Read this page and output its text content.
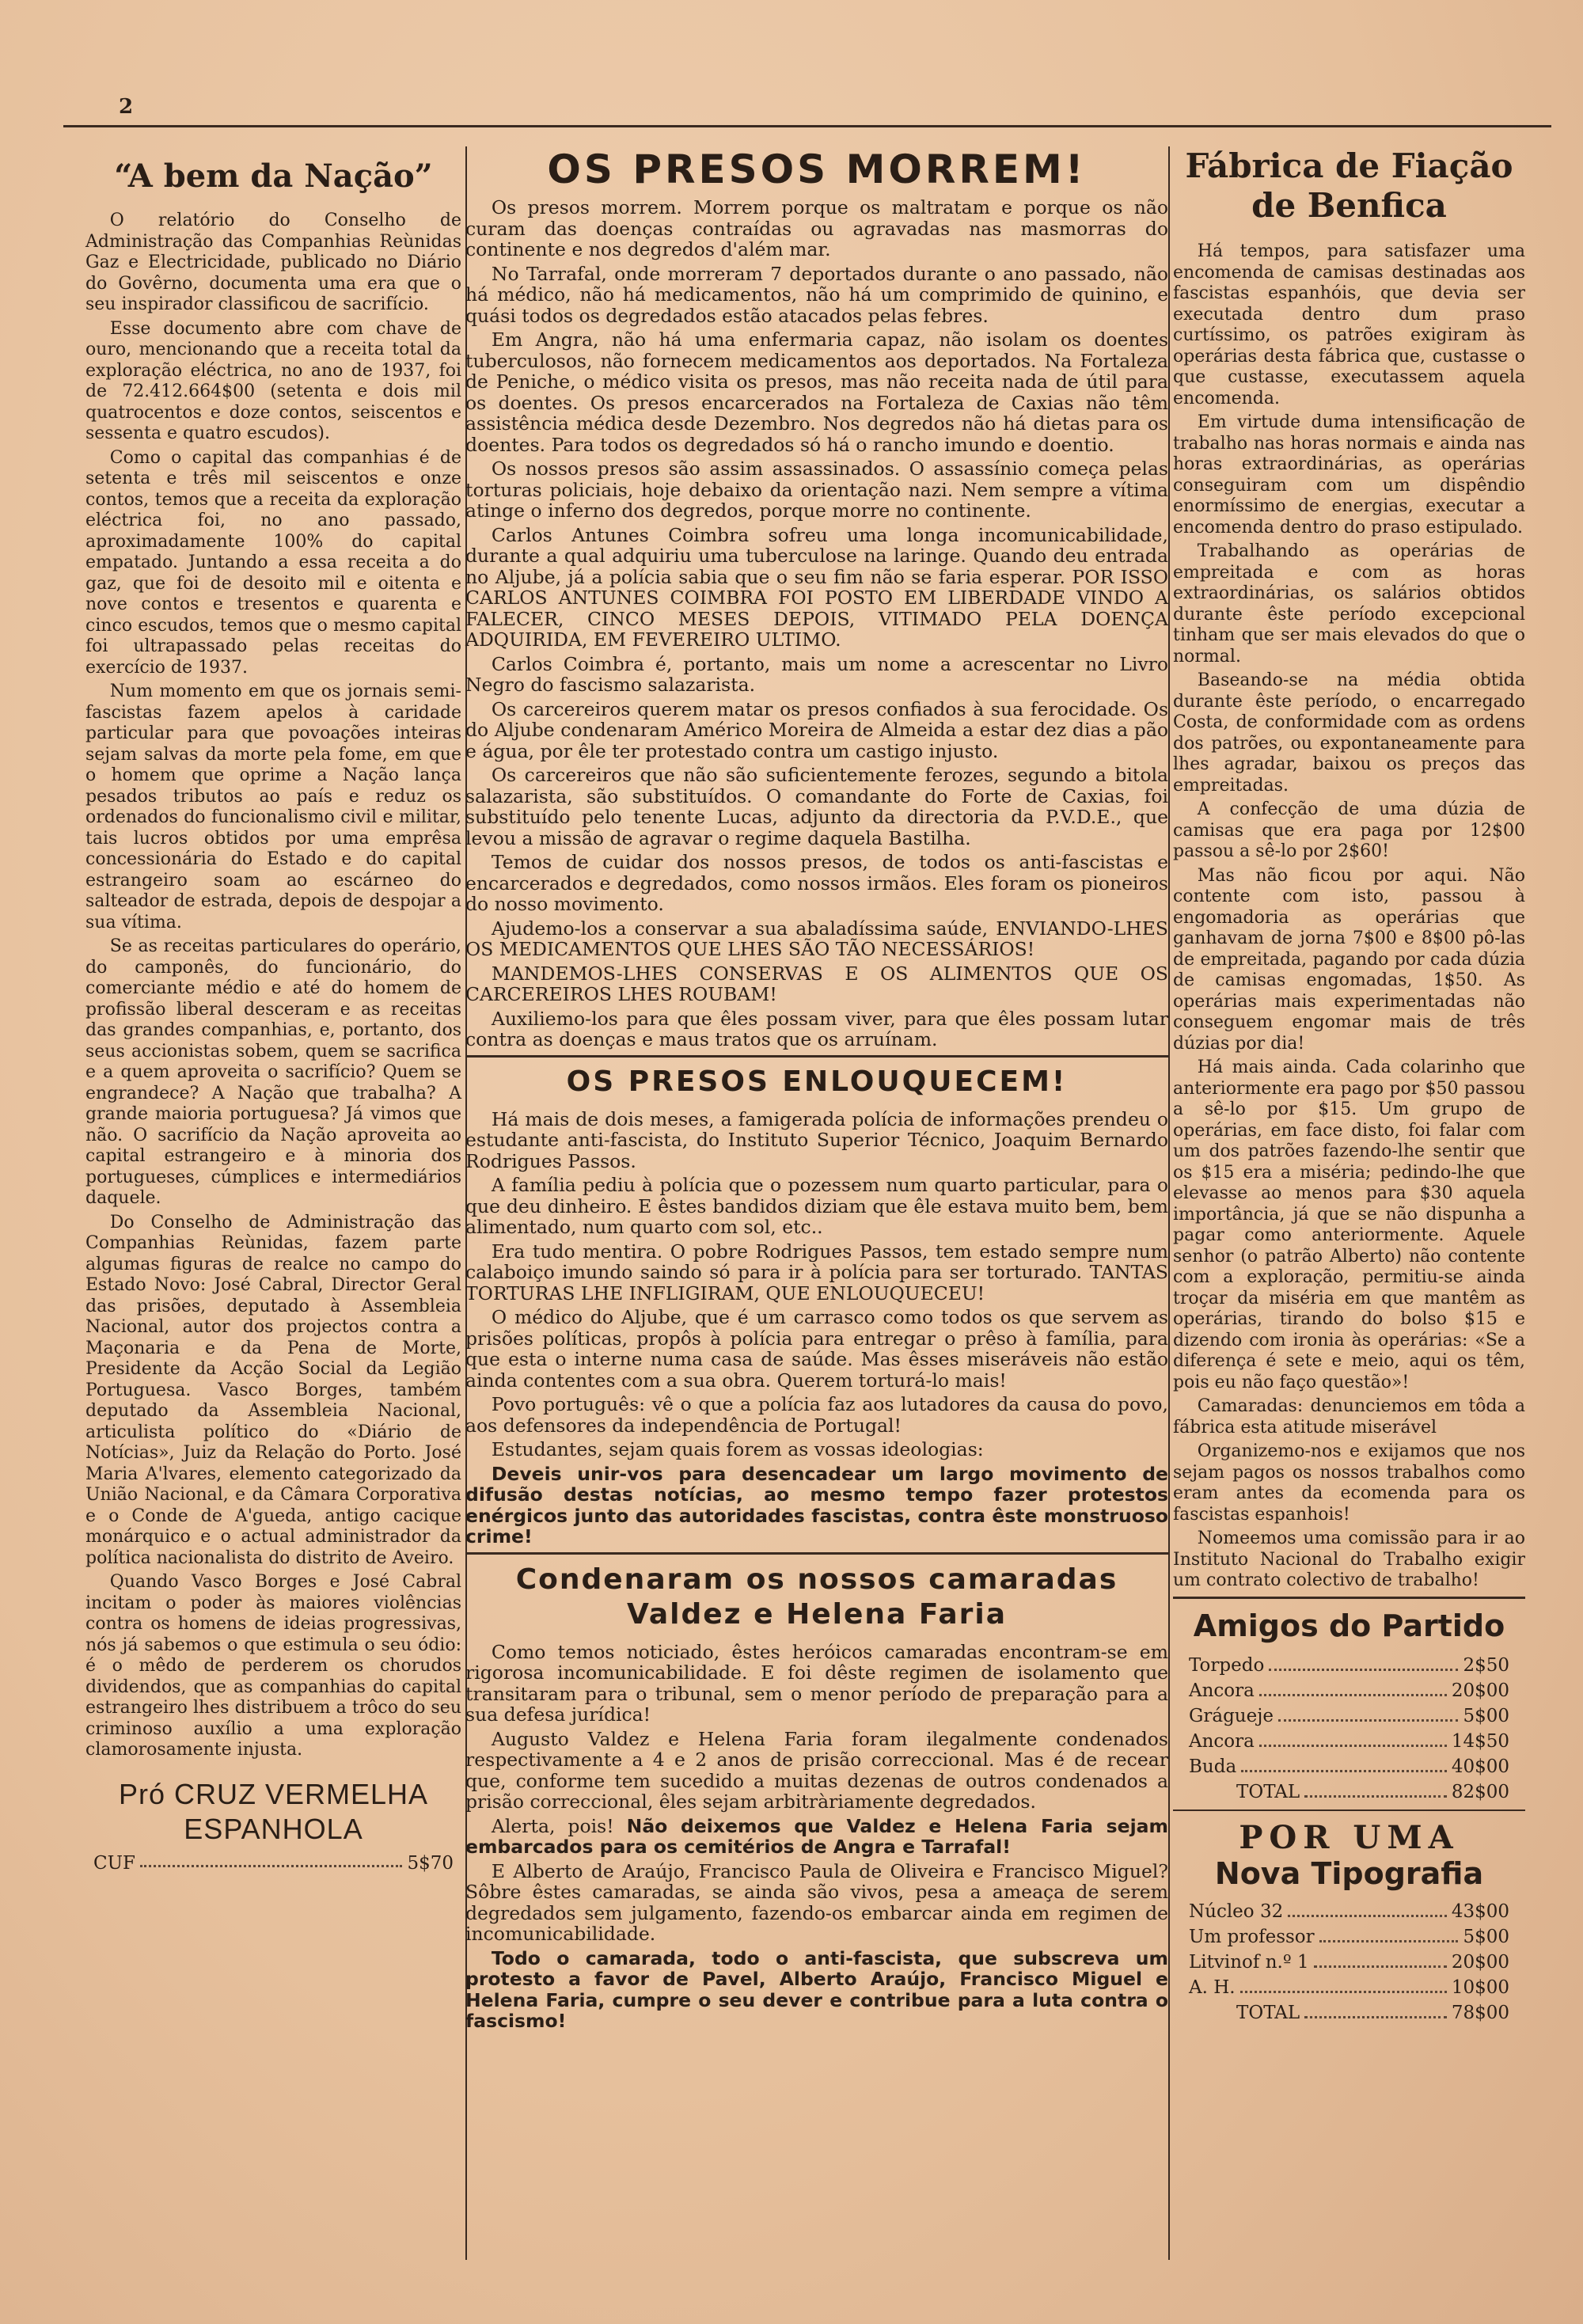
2
“A bem da Nação”

O relatório do Conselho de Administração das Companhias Reùnidas Gaz e Electricidade, publicado no Diário do Govêrno, documenta uma era que o seu inspirador classificou de sacrifício.

Esse documento abre com chave de ouro, mencionando que a receita total da exploração eléctrica, no ano de 1937, foi de 72.412.664$00 (setenta e dois mil quatrocentos e doze contos, seiscentos e sessenta e quatro escudos).

Como o capital das companhias é de setenta e três mil seiscentos e onze contos, temos que a receita da exploração eléctrica foi, no ano passado, aproximadamente 100% do capital empatado. Juntando a essa receita a do gaz, que foi de desoito mil e oitenta e nove contos e tresentos e quarenta e cinco escudos, temos que o mesmo capital foi ultrapassado pelas receitas do exercício de 1937.

Num momento em que os jornais semi-fascistas fazem apelos à caridade particular para que povoações inteiras sejam salvas da morte pela fome, em que o homem que oprime a Nação lança pesados tributos ao país e reduz os ordenados do funcionalismo civil e militar, tais lucros obtidos por uma emprêsa concessionária do Estado e do capital estrangeiro soam ao escárneo do salteador de estrada, depois de despojar a sua vítima.

Se as receitas particulares do operário, do camponês, do funcionário, do comerciante médio e até do homem de profissão liberal desceram e as receitas das grandes companhias, e, portanto, dos seus accionistas sobem, quem se sacrifica e a quem aproveita o sacrifício? Quem se engrandece? A Nação que trabalha? A grande maioria portuguesa? Já vimos que não. O sacrifício da Nação aproveita ao capital estrangeiro e à minoria dos portugueses, cúmplices e intermediários daquele.

Do Conselho de Administração das Companhias Reùnidas, fazem parte algumas figuras de realce no campo do Estado Novo: José Cabral, Director Geral das prisões, deputado à Assembleia Nacional, autor dos projectos contra a Maçonaria e da Pena de Morte, Presidente da Acção Social da Legião Portuguesa. Vasco Borges, também deputado da Assembleia Nacional, articulista político do «Diário de Notícias», Juiz da Relação do Porto. José Maria A'lvares, elemento categorizado da União Nacional, e da Câmara Corporativa e o Conde de A'gueda, antigo cacique monárquico e o actual administrador da política nacionalista do distrito de Aveiro.

Quando Vasco Borges e José Cabral incitam o poder às maiores violências contra os homens de ideias progressivas, nós já sabemos o que estimula o seu ódio: é o mêdo de perderem os chorudos dividendos, que as companhias do capital estrangeiro lhes distribuem a trôco do seu criminoso auxílio a uma exploração clamorosamente injusta.

Pró CRUZ VERMELHA
ESPANHOLA
CUF	5$70
OS PRESOS MORREM!

Os presos morrem. Morrem porque os maltratam e porque os não curam das doenças contraídas ou agravadas nas masmorras do continente e nos degredos d'além mar.

No Tarrafal, onde morreram 7 deportados durante o ano passado, não há médico, não há medicamentos, não há um comprimido de quinino, e quási todos os degredados estão atacados pelas febres.

Em Angra, não há uma enfermaria capaz, não isolam os doentes tuberculosos, não fornecem medicamentos aos deportados. Na Fortaleza de Peniche, o médico visita os presos, mas não receita nada de útil para os doentes. Os presos encarcerados na Fortaleza de Caxias não têm assistência médica desde Dezembro. Nos degredos não há dietas para os doentes. Para todos os degredados só há o rancho imundo e doentio.

Os nossos presos são assim assassinados. O assassínio começa pelas torturas policiais, hoje debaixo da orientação nazi. Nem sempre a vítima atinge o inferno dos degredos, porque morre no continente.

Carlos Antunes Coimbra sofreu uma longa incomunicabilidade, durante a qual adquiriu uma tuberculose na laringe. Quando deu entrada no Aljube, já a polícia sabia que o seu fim não se faria esperar. POR ISSO CARLOS ANTUNES COIMBRA FOI POSTO EM LIBERDADE VINDO A FALECER, CINCO MESES DEPOIS, VITIMADO PELA DOENÇA ADQUIRIDA, EM FEVEREIRO ULTIMO.

Carlos Coimbra é, portanto, mais um nome a acrescentar no Livro Negro do fascismo salazarista.

Os carcereiros querem matar os presos confiados à sua ferocidade. Os do Aljube condenaram Américo Moreira de Almeida a estar dez dias a pão e água, por êle ter protestado contra um castigo injusto.

Os carcereiros que não são suficientemente ferozes, segundo a bitola salazarista, são substituídos. O comandante do Forte de Caxias, foi substituído pelo tenente Lucas, adjunto da directoria da P.V.D.E., que levou a missão de agravar o regime daquela Bastilha.

Temos de cuidar dos nossos presos, de todos os anti-fascistas e encarcerados e degredados, como nossos irmãos. Eles foram os pioneiros do nosso movimento.

Ajudemo-los a conservar a sua abaladíssima saúde, ENVIANDO-LHES OS MEDICAMENTOS QUE LHES SÃO TÃO NECESSÁRIOS!

MANDEMOS-LHES CONSERVAS E OS ALIMENTOS QUE OS CARCEREIROS LHES ROUBAM!

Auxiliemo-los para que êles possam viver, para que êles possam lutar contra as doenças e maus tratos que os arruínam.

OS PRESOS ENLOUQUECEM!

Há mais de dois meses, a famigerada polícia de informações prendeu o estudante anti-fascista, do Instituto Superior Técnico, Joaquim Bernardo Rodrigues Passos.

A família pediu à polícia que o pozessem num quarto particular, para o que deu dinheiro. E êstes bandidos diziam que êle estava muito bem, bem alimentado, num quarto com sol, etc..

Era tudo mentira. O pobre Rodrigues Passos, tem estado sempre num calaboiço imundo saindo só para ir à polícia para ser torturado. TANTAS TORTURAS LHE INFLIGIRAM, QUE ENLOUQUECEU!

O médico do Aljube, que é um carrasco como todos os que servem as prisões políticas, propôs à polícia para entregar o prêso à família, para que esta o interne numa casa de saúde. Mas êsses miseráveis não estão ainda contentes com a sua obra. Querem torturá-lo mais!

Povo português: vê o que a polícia faz aos lutadores da causa do povo, aos defensores da independência de Portugal!

Estudantes, sejam quais forem as vossas ideologias:

Deveis unir-vos para desencadear um largo movimento de difusão destas notícias, ao mesmo tempo fazer protestos enérgicos junto das autoridades fascistas, contra êste monstruoso crime!

Condenaram os nossos camaradas
Valdez e Helena Faria

Como temos noticiado, êstes heróicos camaradas encontram-se em rigorosa incomunicabilidade. E foi dêste regimen de isolamento que transitaram para o tribunal, sem o menor período de preparação para a sua defesa jurídica!

Augusto Valdez e Helena Faria foram ilegalmente condenados respectivamente a 4 e 2 anos de prisão correccional. Mas é de recear que, conforme tem sucedido a muitas dezenas de outros condenados a prisão correccional, êles sejam arbitràriamente degredados.

Alerta, pois! Não deixemos que Valdez e Helena Faria sejam embarcados para os cemitérios de Angra e Tarrafal!

E Alberto de Araújo, Francisco Paula de Oliveira e Francisco Miguel? Sôbre êstes camaradas, se ainda são vivos, pesa a ameaça de serem degredados sem julgamento, fazendo-os embarcar ainda em regimen de incomunicabilidade.

Todo o camarada, todo o anti-fascista, que subscreva um protesto a favor de Pavel, Alberto Araújo, Francisco Miguel e Helena Faria, cumpre o seu dever e contribue para a luta contra o fascismo!

Fábrica de Fiação de Benfica

Há tempos, para satisfazer uma encomenda de camisas destinadas aos fascistas espanhóis, que devia ser executada dentro dum praso curtíssimo, os patrões exigiram às operárias desta fábrica que, custasse o que custasse, executassem aquela encomenda.

Em virtude duma intensificação de trabalho nas horas normais e ainda nas horas extraordinárias, as operárias conseguiram com um dispêndio enormíssimo de energias, executar a encomenda dentro do praso estipulado.

Trabalhando as operárias de empreitada e com as horas extraordinárias, os salários obtidos durante êste período excepcional tinham que ser mais elevados do que o normal.

Baseando-se na média obtida durante êste período, o encarregado Costa, de conformidade com as ordens dos patrões, ou expontaneamente para lhes agradar, baixou os preços das empreitadas.

A confecção de uma dúzia de camisas que era paga por 12$00 passou a sê-lo por 2$60!

Mas não ficou por aqui. Não contente com isto, passou à engomadoria as operárias que ganhavam de jorna 7$00 e 8$00 pô-las de empreitada, pagando por cada dúzia de camisas engomadas, 1$50. As operárias mais experimentadas não conseguem engomar mais de três dúzias por dia!

Há mais ainda. Cada colarinho que anteriormente era pago por $50 passou a sê-lo por $15. Um grupo de operárias, em face disto, foi falar com um dos patrões fazendo-lhe sentir que os $15 era a miséria; pedindo-lhe que elevasse ao menos para $30 aquela importância, já que se não dispunha a pagar como anteriormente. Aquele senhor (o patrão Alberto) não contente com a exploração, permitiu-se ainda troçar da miséria em que mantêm as operárias, tirando do bolso $15 e dizendo com ironia às operárias: «Se a diferença é sete e meio, aqui os têm, pois eu não faço questão»!

Camaradas: denunciemos em tôda a fábrica esta atitude miserável

Organizemo-nos e exijamos que nos sejam pagos os nossos trabalhos como eram antes da ecomenda para os fascistas espanhois!

Nomeemos uma comissão para ir ao Instituto Nacional do Trabalho exigir um contrato colectivo de trabalho!

Amigos do Partido
Torpedo	2$50
Ancora	20$00
Grágueje	5$00
Ancora	14$50
Buda	40$00
TOTAL	82$00
POR UMA
Nova Tipografia
Núcleo 32	43$00
Um professor	5$00
Litvinof n.º 1	20$00
A. H.	10$00
TOTAL	78$00
